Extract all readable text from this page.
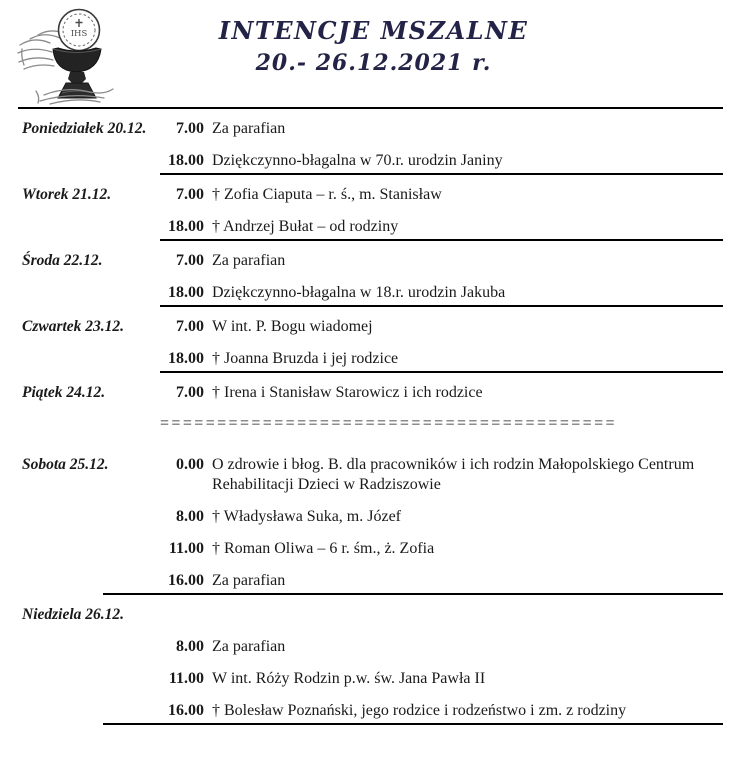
IHS	INTENCJE MSZALNE
20.- 26.12.2021 r.
Poniedziałek 20.12.	7.00 Za parafian
18.00 Dziękczynno-błagalna w 70.r. urodzin Janiny
Wtorek 21.12.	7.00 † Zofia Ciaputa – r. ś., m. Stanisław
18.00 † Andrzej Bułat – od rodziny
Środa 22.12.	7.00 Za parafian
18.00 Dziękczynno-błagalna w 18.r. urodzin Jakuba
Czwartek 23.12.	7.00 W int. P. Bogu wiadomej
18.00 † Joanna Bruzda i jej rodzice
Piątek 24.12.	7.00 † Irena i Stanisław Starowicz i ich rodzice
========================================
Sobota 25.12.	0.00 O zdrowie i błog. B. dla pracowników i ich rodzin Małopolskiego Centrum Rehabilitacji Dzieci w Radziszowie
8.00 † Władysława Suka, m. Józef
11.00 † Roman Oliwa – 6 r. śm., ż. Zofia
16.00 Za parafian
Niedziela 26.12.
8.00 Za parafian
11.00 W int. Róży Rodzin p.w. św. Jana Pawła II
16.00 † Bolesław Poznański, jego rodzice i rodzeństwo i zm. z rodziny
